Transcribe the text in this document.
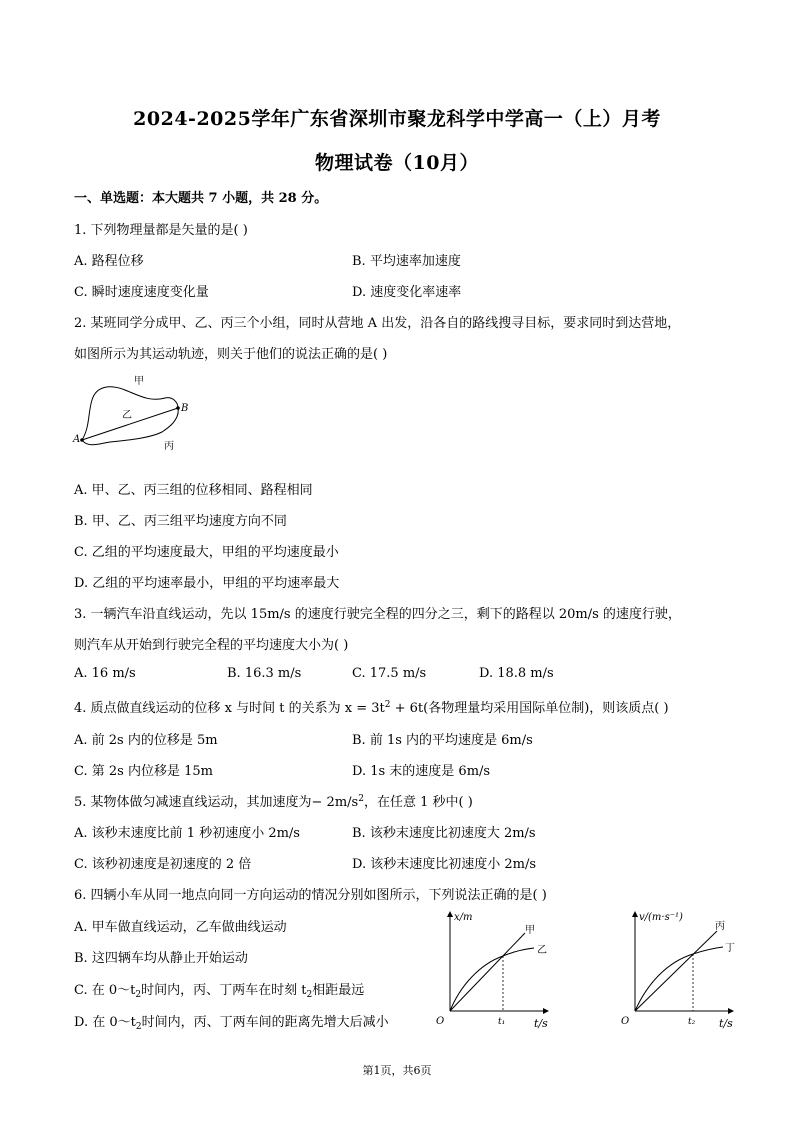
2024-2025学年广东省深圳市聚龙科学中学高一（上）月考
物理试卷（10月）
一、单选题：本大题共 7 小题，共 28 分。
1. 下列物理量都是矢量的是( )
A. 路程位移	B. 平均速率加速度
C. 瞬时速度速度变化量	D. 速度变化率速率
2. 某班同学分成甲、乙、丙三个小组，同时从营地 A 出发，沿各自的路线搜寻目标，要求同时到达营地，
如图所示为其运动轨迹，则关于他们的说法正确的是( )
甲
乙
丙
A
B
A. 甲、乙、丙三组的位移相同、路程相同
B. 甲、乙、丙三组平均速度方向不同
C. 乙组的平均速度最大，甲组的平均速度最小
D. 乙组的平均速率最小，甲组的平均速率最大
3. 一辆汽车沿直线运动，先以 15m/s 的速度行驶完全程的四分之三，剩下的路程以 20m/s 的速度行驶，
则汽车从开始到行驶完全程的平均速度大小为( )
A. 16 m/s	B. 16.3 m/s	C. 17.5 m/s	D. 18.8 m/s
4. 质点做直线运动的位移 x 与时间 t 的关系为 $x = 3t^2 + 6t$(各物理量均采用国际单位制)，则该质点( )
A. 前 2s 内的位移是 5m	B. 前 1s 内的平均速度是 6m/s
C. 第 2s 内位移是 15m	D. 1s 末的速度是 6m/s
5. 某物体做匀减速直线运动，其加速度为− $2m/s^2$，在任意 1 秒中( )
A. 该秒末速度比前 1 秒初速度小 2m/s	B. 该秒末速度比初速度大 2m/s
C. 该秒初速度是初速度的 2 倍	D. 该秒末速度比初速度小 2m/s
6. 四辆小车从同一地点向同一方向运动的情况分别如图所示，下列说法正确的是( )
A. 甲车做直线运动，乙车做曲线运动
B. 这四辆车均从静止开始运动
C. 在 $0\sim t_2$时间内，丙、丁两车在时刻 $t_2$相距最远
D. 在 $0\sim t_2$时间内，丙、丁两车间的距离先增大后减小
x/m
t/s
O	t₁
甲
乙
v/(m·s⁻¹)
t/s
O	t₂
丙
丁
第1页，共6页
